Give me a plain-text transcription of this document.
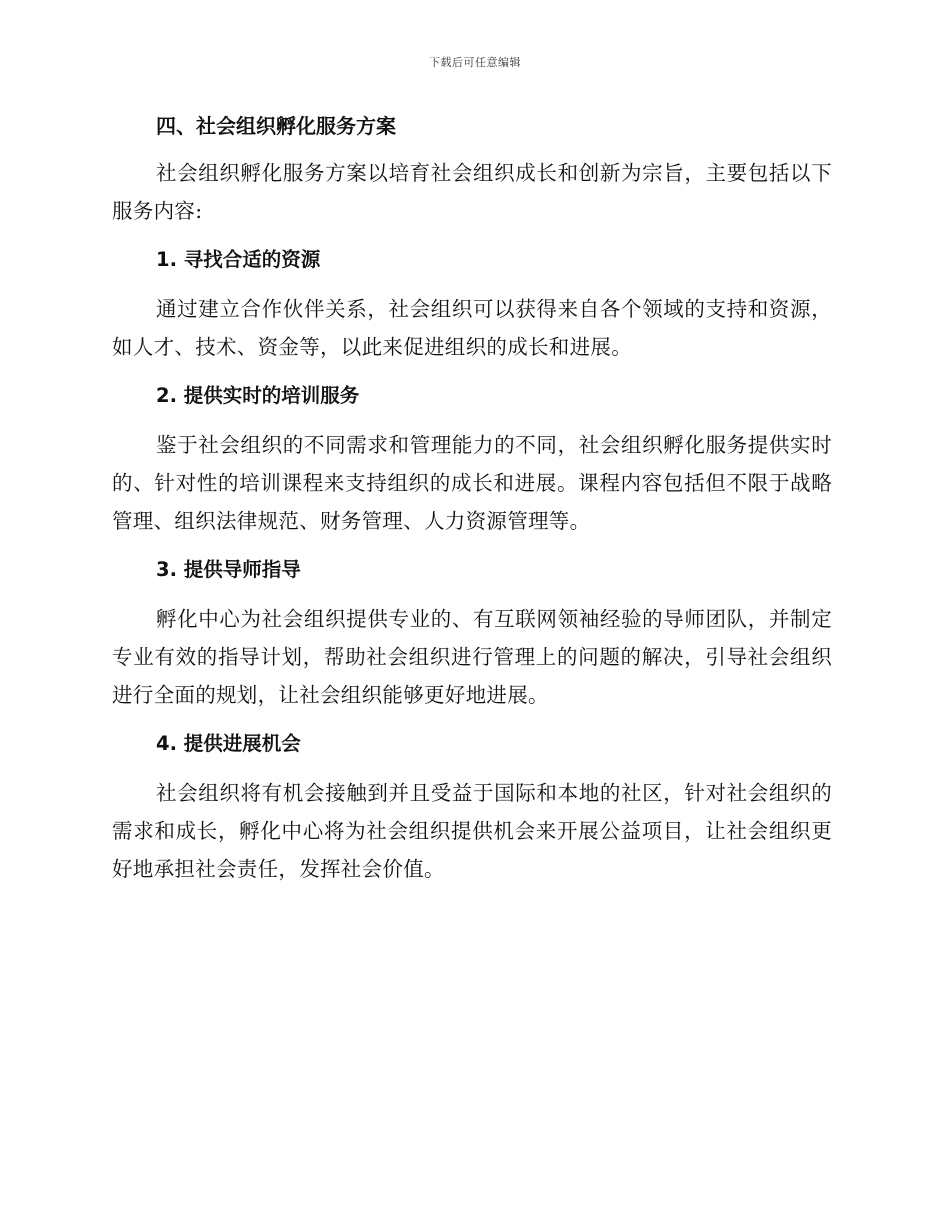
下载后可任意编辑
四、社会组织孵化服务方案
社会组织孵化服务方案以培育社会组织成长和创新为宗旨，主要包括以下服务内容:
1. 寻找合适的资源
通过建立合作伙伴关系，社会组织可以获得来自各个领域的支持和资源，如人才、技术、资金等，以此来促进组织的成长和进展。
2. 提供实时的培训服务
鉴于社会组织的不同需求和管理能力的不同，社会组织孵化服务提供实时的、针对性的培训课程来支持组织的成长和进展。课程内容包括但不限于战略管理、组织法律规范、财务管理、人力资源管理等。
3. 提供导师指导
孵化中心为社会组织提供专业的、有互联网领袖经验的导师团队，并制定专业有效的指导计划，帮助社会组织进行管理上的问题的解决，引导社会组织进行全面的规划，让社会组织能够更好地进展。
4. 提供进展机会
社会组织将有机会接触到并且受益于国际和本地的社区，针对社会组织的需求和成长，孵化中心将为社会组织提供机会来开展公益项目，让社会组织更好地承担社会责任，发挥社会价值。
